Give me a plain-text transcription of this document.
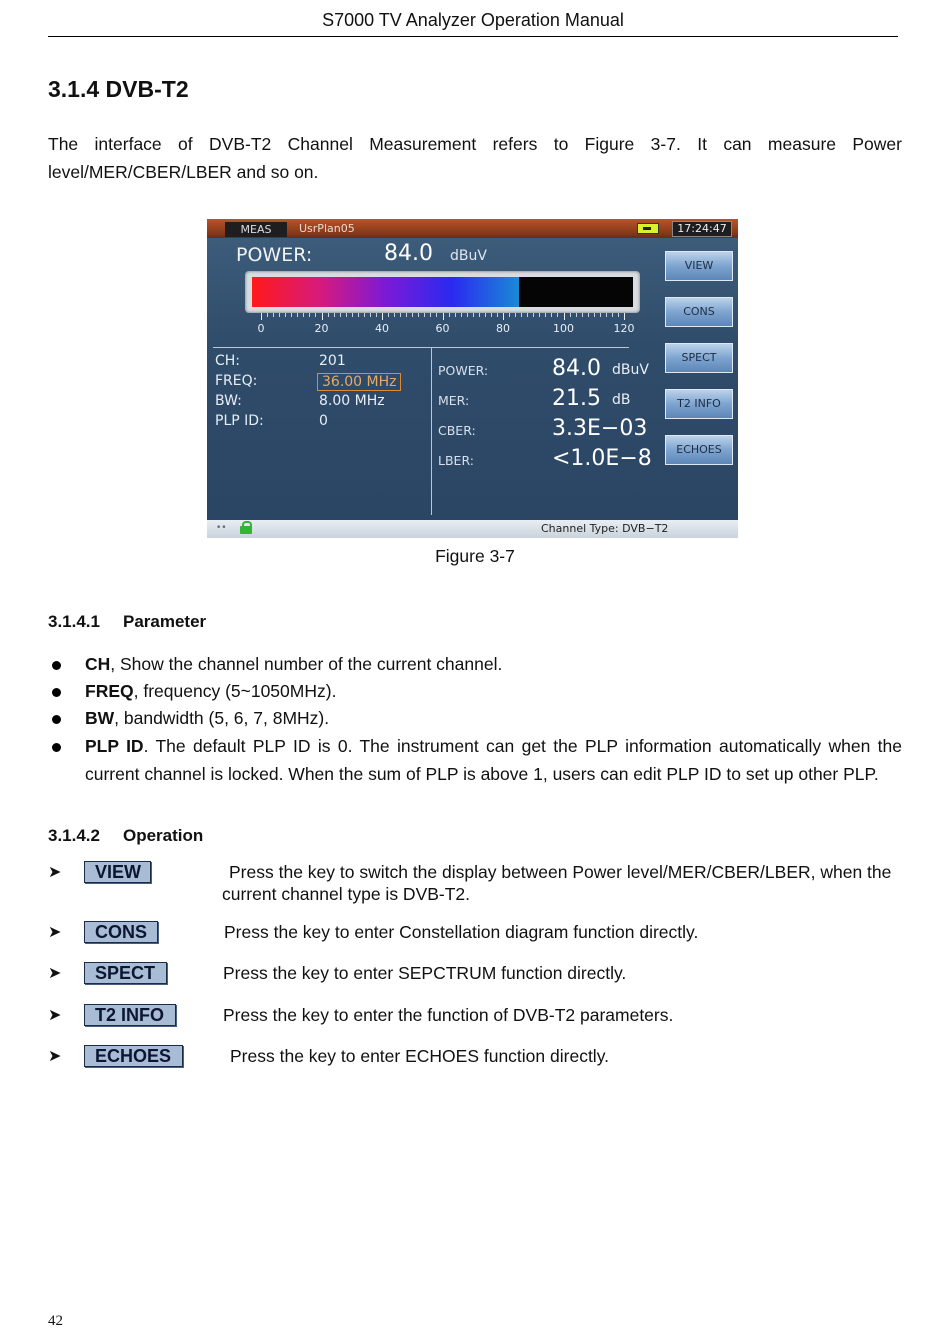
S7000 TV Analyzer Operation Manual
3.1.4 DVB-T2
The interface of DVB-T2 Channel Measurement refers to Figure 3-7. It can measure Power level/MER/CBER/LBER and so on.
MEAS	UsrPlan05	17:24:47
POWER:	84.0 dBuV
0	20	40	60	80	100	120
CH:	201
FREQ:	36.00 MHz
BW:	8.00 MHz
PLP ID:	0
POWER:	84.0 dBuV
MER:	21.5 dB
CBER:	3.3E−03
LBER:	<1.0E−8
VIEW
CONS
SPECT
T2 INFO
ECHOES
••	Channel Type: DVB−T2
Figure 3-7
3.1.4.1 Parameter
CH, Show the channel number of the current channel.
FREQ, frequency (5~1050MHz).
BW, bandwidth (5, 6, 7, 8MHz).
PLP ID. The default PLP ID is 0. The instrument can get the PLP information automatically when the current channel is locked. When the sum of PLP is above 1, users can edit PLP ID to set up other PLP.
3.1.4.2 Operation
➤	VIEW	Press the key to switch the display between Power level/MER/CBER/LBER, when the current channel type is DVB-T2.
➤	CONS	Press the key to enter Constellation diagram function directly.
➤	SPECT	Press the key to enter SEPCTRUM function directly.
➤	T2 INFO	Press the key to enter the function of DVB-T2 parameters.
➤	ECHOES	Press the key to enter ECHOES function directly.
42
